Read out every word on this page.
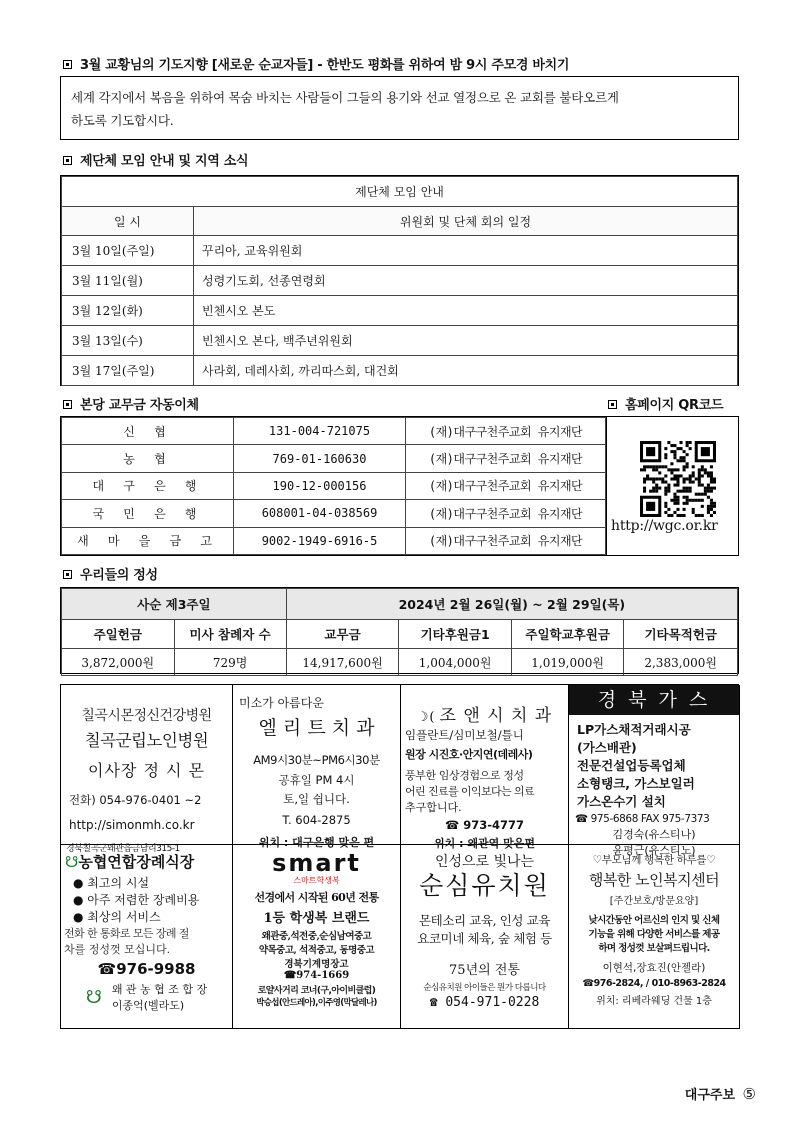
3월 교황님의 기도지향 [새로운 순교자들] - 한반도 평화를 위하여 밤 9시 주모경 바치기
세계 각지에서 복음을 위하여 목숨 바치는 사람들이 그들의 용기와 선교 열정으로 온 교회를 불타오르게
하도록 기도합시다.
제단체 모임 안내 및 지역 소식
제단체 모임 안내	
일 시	위원회 및 단체 회의 일정
3월 10일(주일)	꾸리아, 교육위원회
3월 11일(월)	성령기도회, 선종연령회
3월 12일(화)	빈첸시오 본도
3월 13일(수)	빈첸시오 본다, 백주년위원회
3월 17일(주일)	사라회, 데레사회, 까리따스회, 대건회
본당 교무금 자동이체	홈페이지 QR코드
신 협	131-004-721075	(재)대구구천주교회 유지재단
농 협	769-01-160630	(재)대구구천주교회 유지재단
대 구 은 행	190-12-000156	(재)대구구천주교회 유지재단
국 민 은 행	608001-04-038569	(재)대구구천주교회 유지재단
새 마 을 금 고	9002-1949-6916-5	(재)대구구천주교회 유지재단
http://wgc.or.kr
우리들의 정성
사순 제3주일		2024년 2월 26일(월) ~ 2월 29일(목)			
주일헌금	미사 참례자 수	교무금	기타후원금1	주일학교후원금	기타목적헌금
3,872,000원	729명	14,917,600원	1,004,000원	1,019,000원	2,383,000원
칠곡시몬정신건강병원
칠곡군립노인병원
이사장 정 시 몬
전화) 054-976-0401 ~2
http://simonmh.co.kr
경북칠곡군왜관읍금남리315-1
미소가 아름다운
엘 리 트 치 과
AM9시30분~PM6시30분
공휴일 PM 4시
토,일 쉽니다.
T. 604-2875
위치 : 대구은행 맞은 편
☽( 조 앤 시 치 과
임플란트/심미보철/틀니
원장 시진호·안지연(데레사)
풍부한 임상경험으로 정성
어린 진료를 이익보다는 의료
추구합니다.
☎ 973-4777
위치 : 왜관역 맞은편
경 북 가 스
LP가스채적거래시공
(가스배관)
전문건설업등록업체
소형탱크, 가스보일러
가스온수기 설치
☎ 975-6868 FAX 975-7373
김경숙(유스티나)
윤평근(유스티노)
☋농협연합장례식장
● 최고의 시설
● 아주 저렴한 장례비용
● 최상의 서비스
전화 한 통화로 모든 장례 절
차를 정성껏 모십니다.
☎976-9988
☋ 왜 관 농 협 조 합 장
이종억(벨라도)
smart
스마트학생복
선경에서 시작된 60년 전통
1등 학생복 브랜드
왜관중,석전중,순심남여중고
약목중고, 석적중고, 동명중고
경북기계명장고
☎974-1669
로얄사거리 코너(구,아이비클럽)
박승섭(안드레아),이주영(막달레나)
인성으로 빛나는
순심유치원
몬테소리 교육, 인성 교육
요코미네 체육, 숲 체험 등
75년의 전통
순심유치원 아이들은 뭔가 다릅니다
☎ 054-971-0228
♡부모님께 행복한 하루를♡
행복한 노인복지센터
[주간보호/방문요양]
낮시간동안 어르신의 인지 및 신체
기능을 위해 다양한 서비스를 제공
하며 정성껏 보살펴드립니다.
이현석,장효진(안젤라)
☎976-2824, / 010-8963-2824
위치: 리베라웨딩 건물 1층
대구주보 ⑤
